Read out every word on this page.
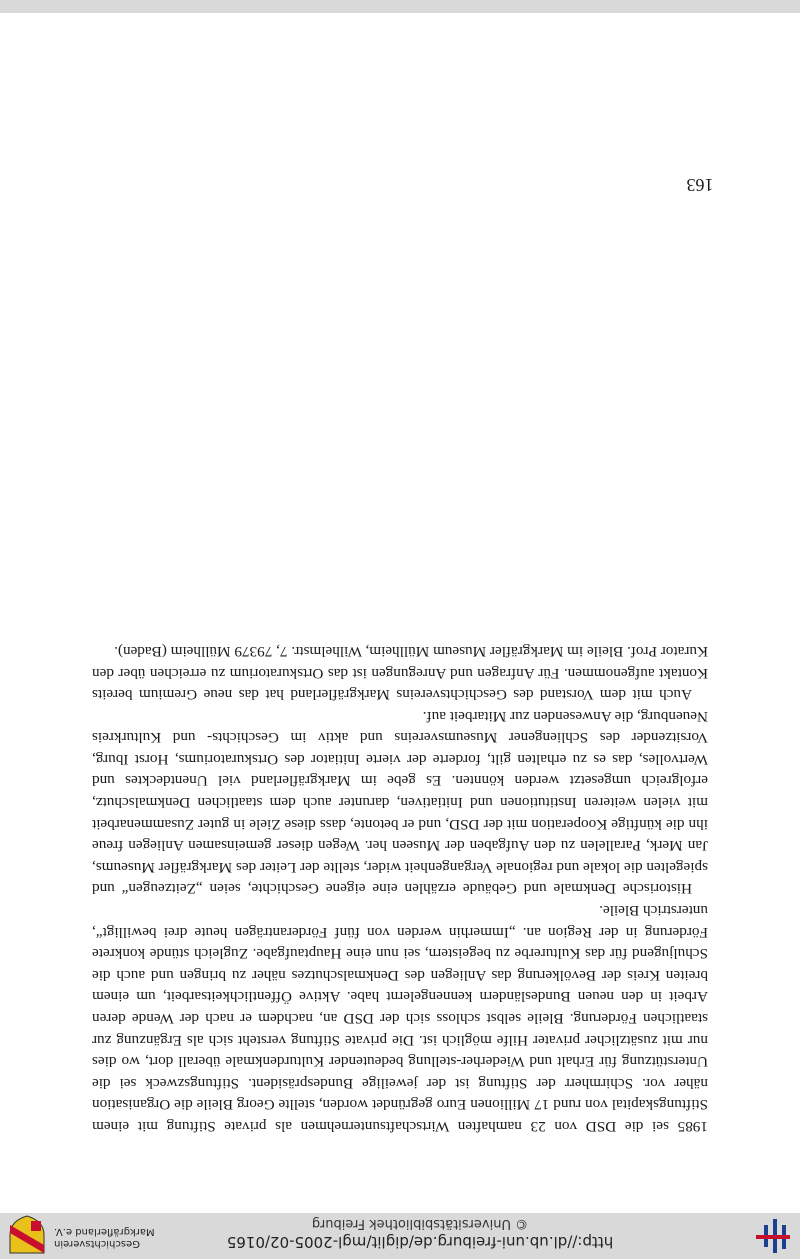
http://dl.ub.uni-freiburg.de/diglit/mgl-2005-02/0165
© Universitätsbibliothek Freiburg
Geschichtsverein
Markgräflerland e.V.

1985 sei die DSD von 23 namhaften Wirtschaftsunternehmen als private Stiftung mit einem Stiftungskapital von rund 17 Millionen Euro gegründet worden, stellte Georg Bleile die Organisation näher vor. Schirmherr der Stiftung ist der jeweilige Bundespräsident. Stiftungszweck sei die Unterstützung für Erhalt und Wiederher-stellung bedeutender Kulturdenkmale überall dort, wo dies nur mit zusätzlicher privater Hilfe möglich ist. Die private Stiftung versteht sich als Ergänzung zur staatlichen Förderung. Bleile selbst schloss sich der DSD an, nachdem er nach der Wende deren Arbeit in den neuen Bundesländern kennengelernt habe. Aktive Öffentlichkeitsarbeit, um einem breiten Kreis der Bevölkerung das Anliegen des Denkmalschutzes näher zu bringen und auch die Schuljugend für das Kulturerbe zu begeistern, sei nun eine Hauptaufgabe. Zugleich stünde konkrete Förderung in der Region an. „Immerhin werden von fünf Förderanträgen heute drei bewilligt“, unterstrich Bleile.

Historische Denkmale und Gebäude erzählen eine eigene Geschichte, seien „Zeitzeugen“ und spiegelten die lokale und regionale Vergangenheit wider, stellte der Leiter des Markgräfler Museums, Jan Merk, Parallelen zu den Aufgaben der Museen her. Wegen dieser gemeinsamen Anliegen freue ihn die künftige Kooperation mit der DSD, und er betonte, dass diese Ziele in guter Zusammenarbeit mit vielen weiteren Institutionen und Initiativen, darunter auch dem staatlichen Denkmalschutz, erfolgreich umgesetzt werden könnten. Es gebe im Markgräflerland viel Unentdecktes und Wertvolles, das es zu erhalten gilt, forderte der vierte Initiator des Ortskuratoriums, Horst Iburg, Vorsitzender des Schliengener Museumsvereins und aktiv im Geschichts- und Kulturkreis Neuenburg, die Anwesenden zur Mitarbeit auf.

Auch mit dem Vorstand des Geschichtsvereins Markgräflerland hat das neue Gremium bereits Kontakt aufgenommen. Für Anfragen und Anregungen ist das Ortskuratorium zu erreichen über den Kurator Prof. Bleile im Markgräfler Museum Müllheim, Wilhelmstr. 7, 79379 Müllheim (Baden).

163
